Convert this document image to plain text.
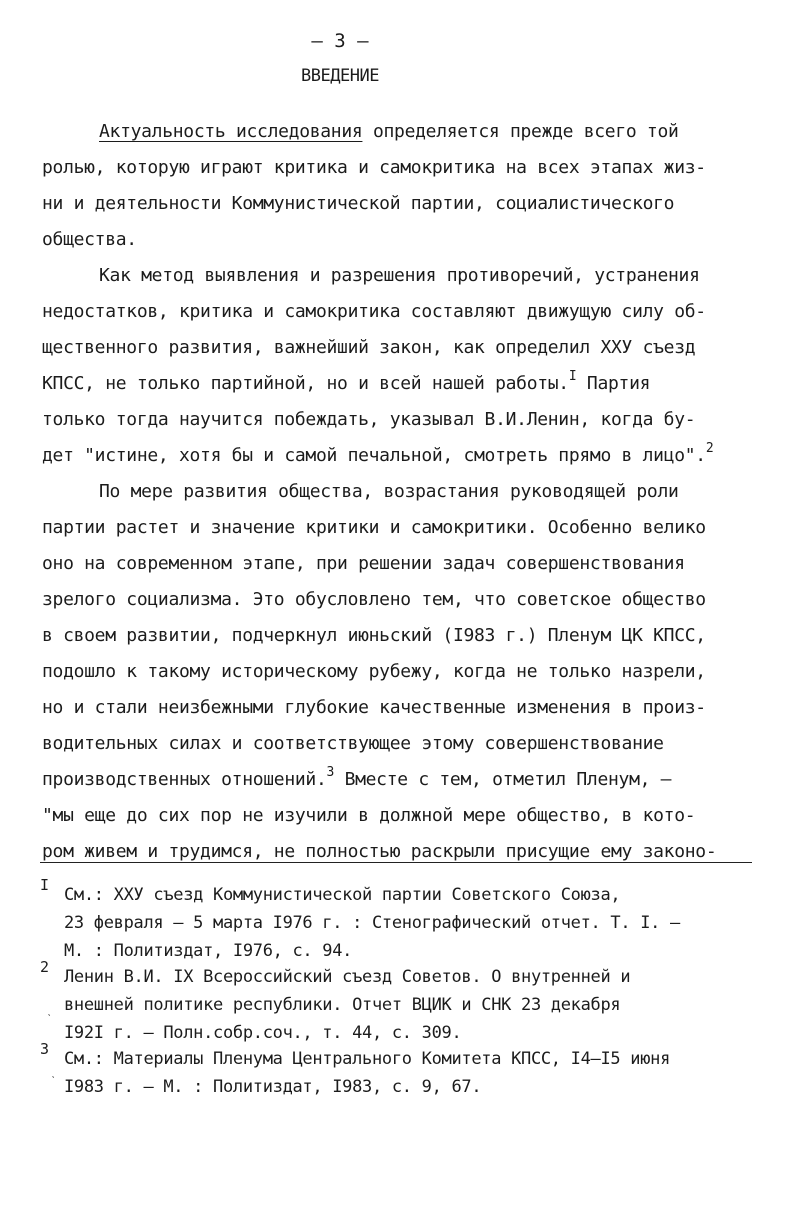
– 3 –
ВВЕДЕНИЕ
Актуальность исследования определяется прежде всего той
ролью, которую играют критика и самокритика на всех этапах жиз-
ни и деятельности Коммунистической партии, социалистического
общества.
Как метод выявления и разрешения противоречий, устранения
недостатков, критика и самокритика составляют движущую силу об-
щественного развития, важнейший закон, как определил XXУ съезд
КПСС, не только партийной, но и всей нашей работы.$^I$ Партия
только тогда научится побеждать, указывал В.И.Ленин, когда бу-
дет "истине, хотя бы и самой печальной, смотреть прямо в лицо".$^2$
По мере развития общества, возрастания руководящей роли
партии растет и значение критики и самокритики. Особенно велико
оно на современном этапе, при решении задач совершенствования
зрелого социализма. Это обусловлено тем, что советское общество
в своем развитии, подчеркнул июньский (I983 г.) Пленум ЦК КПСС,
подошло к такому историческому рубежу, когда не только назрели,
но и стали неизбежными глубокие качественные изменения в произ-
водительных силах и соответствующее этому совершенствование
производственных отношений.$^3$ Вместе с тем, отметил Пленум, –
"мы еще до сих пор не изучили в должной мере общество, в кото-
ром живем и трудимся, не полностью раскрыли присущие ему законо-
I См.: XXУ съезд Коммунистической партии Советского Союза,
23 февраля – 5 марта I976 г. : Стенографический отчет. Т. I. –
М. : Политиздат, I976, с. 94.
2 Ленин В.И. IX Всероссийский съезд Советов. О внутренней и
внешней политике республики. Отчет ВЦИК и СНК 23 декабря
ˋ
I92I г. – Полн.собр.соч., т. 44, с. 309.
3 См.: Материалы Пленума Центрального Комитета КПСС, I4–I5 июня
ˋ I983 г. – М. : Политиздат, I983, с. 9, 67.
